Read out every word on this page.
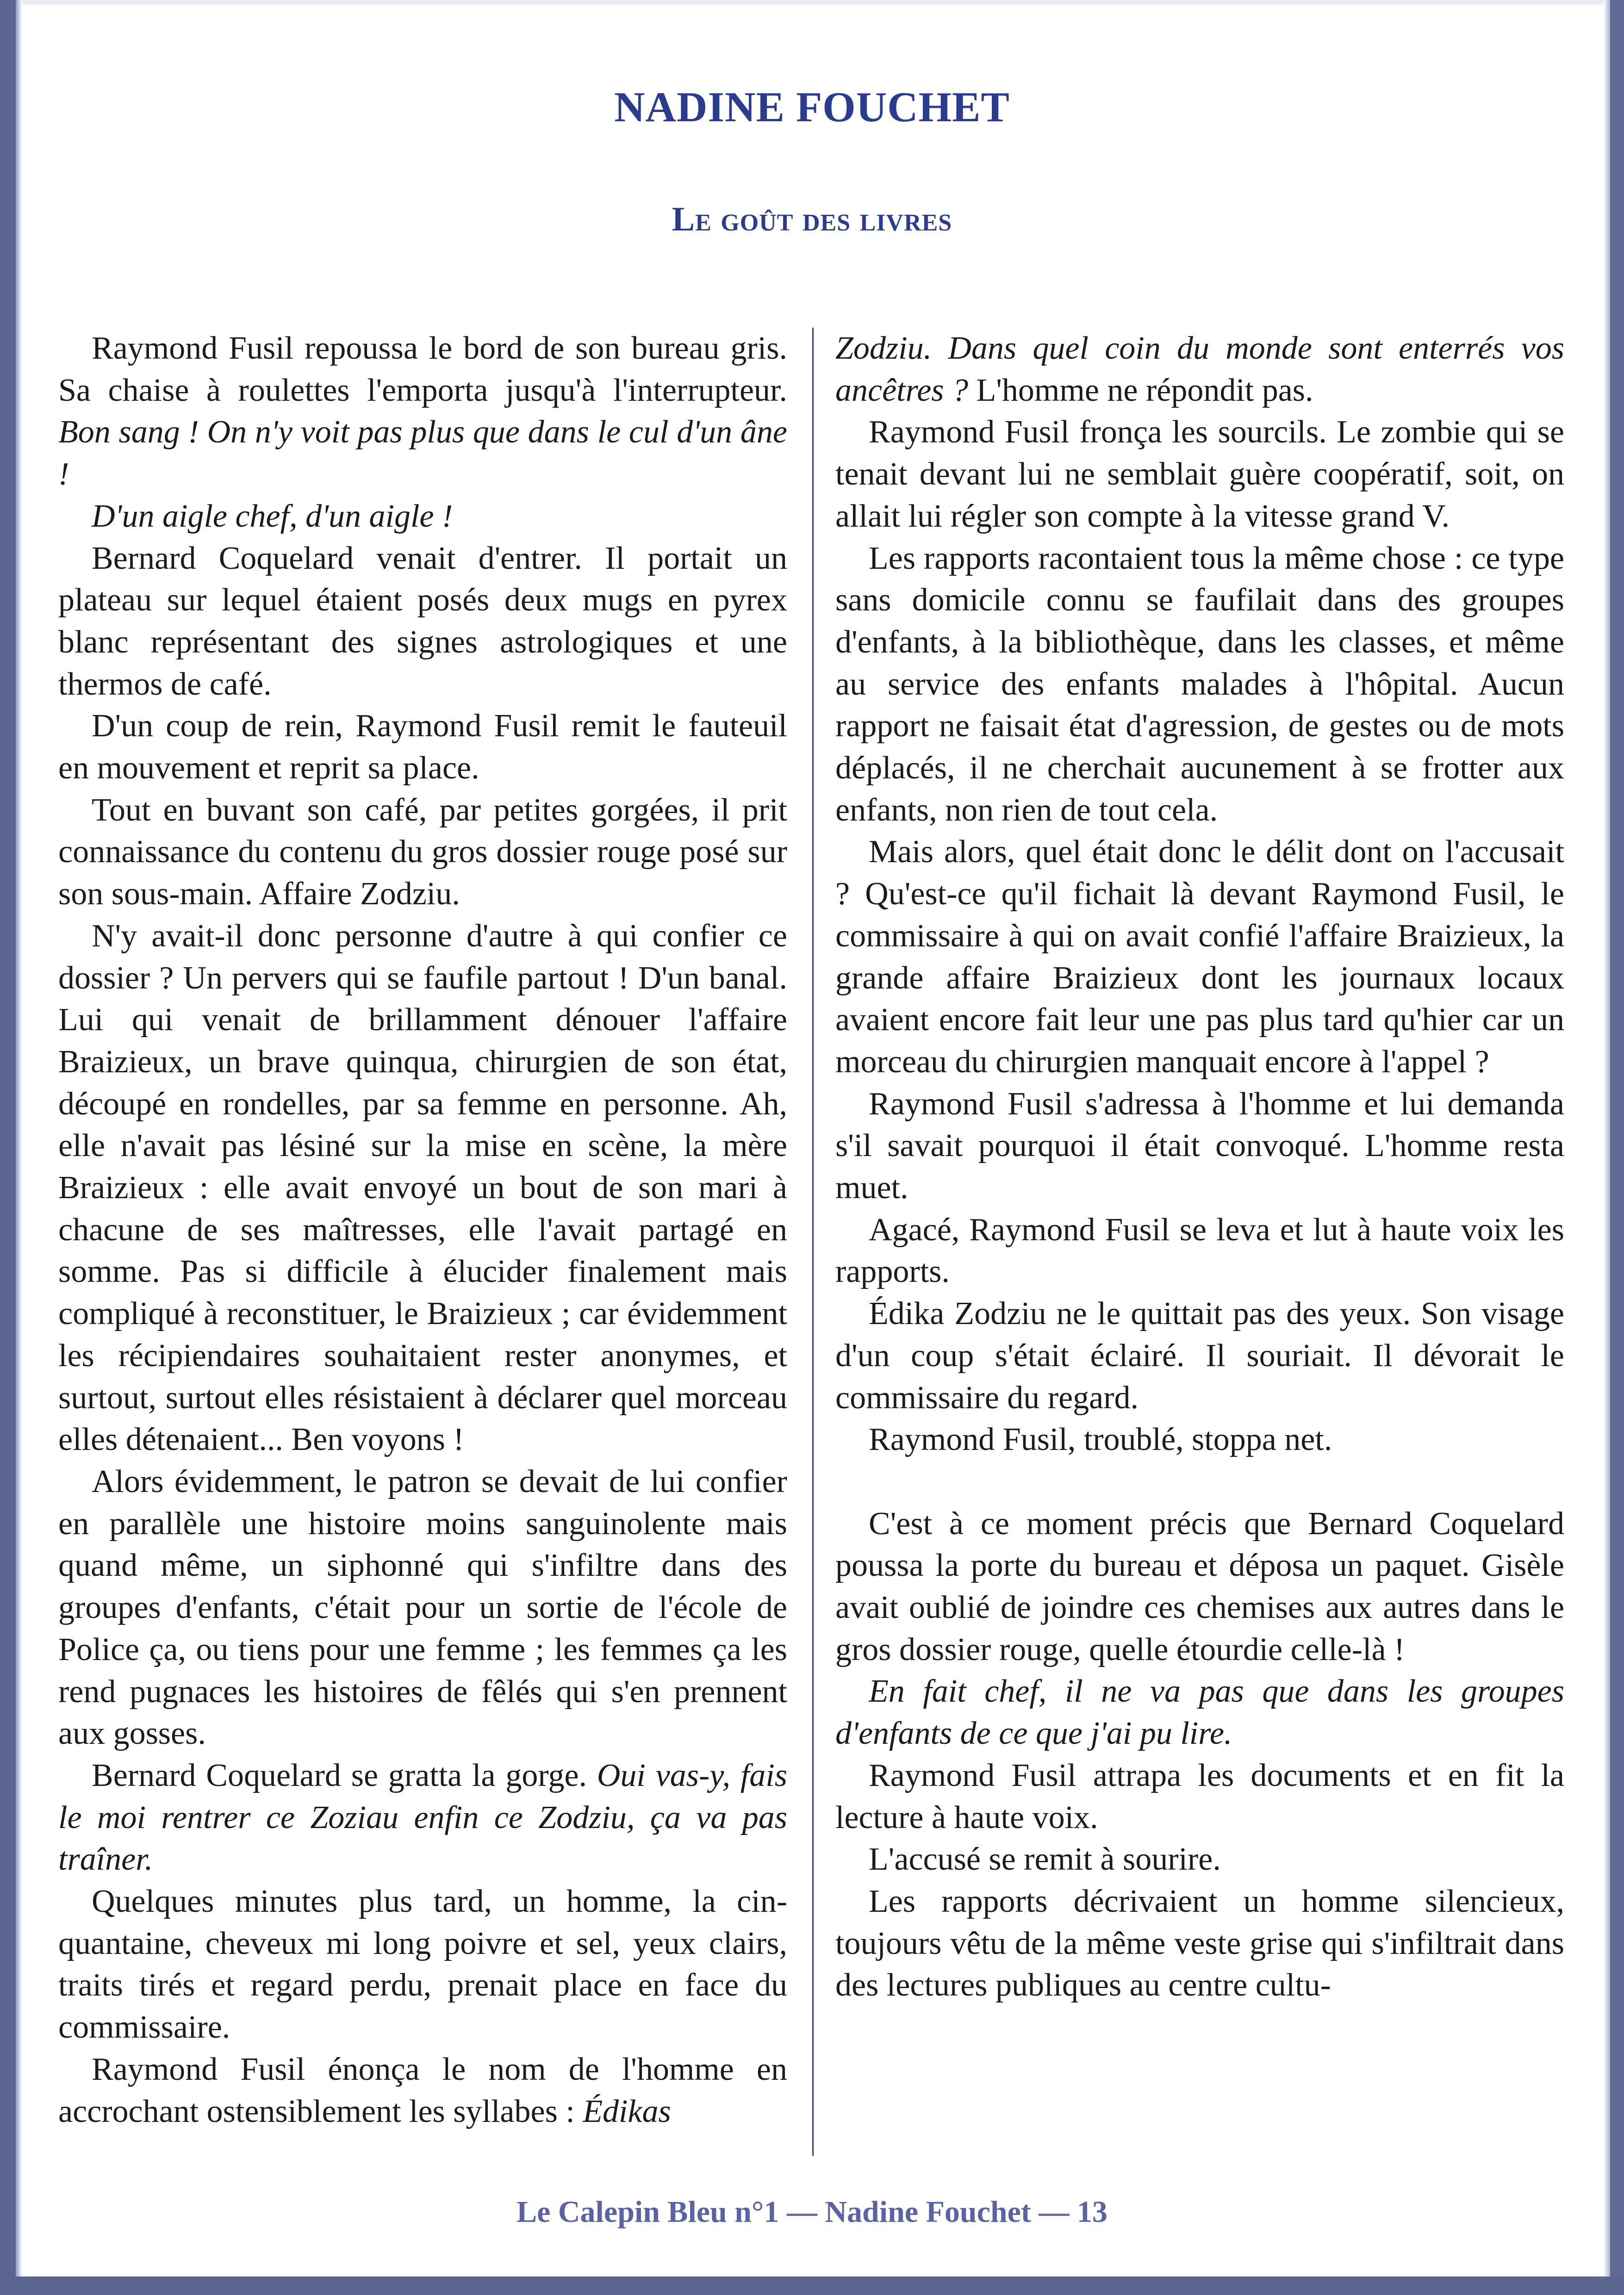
NADINE FOUCHET
Le goût des livres

Raymond Fusil repoussa le bord de son bureau gris. Sa chaise à roulettes l'emporta jusqu'à l'interrupteur. Bon sang ! On n'y voit pas plus que dans le cul d'un âne !

D'un aigle chef, d'un aigle !

Bernard Coquelard venait d'entrer. Il portait un plateau sur lequel étaient posés deux mugs en pyrex blanc représentant des signes astrologiques et une thermos de café.

D'un coup de rein, Raymond Fusil remit le fauteuil en mouvement et reprit sa place.

Tout en buvant son café, par petites gorgées, il prit connaissance du contenu du gros dossier rouge posé sur son sous-main. Affaire Zodziu.

N'y avait-il donc personne d'autre à qui confier ce dossier ? Un pervers qui se faufile partout ! D'un banal. Lui qui venait de brillamment dénouer l'affaire Braizieux, un brave quinqua, chirurgien de son état, découpé en rondelles, par sa femme en personne. Ah, elle n'avait pas lésiné sur la mise en scène, la mère Braizieux : elle avait envoyé un bout de son mari à chacune de ses maîtresses, elle l'avait partagé en somme. Pas si difficile à élucider finalement mais compliqué à reconstituer, le Braizieux ; car évidemment les récipiendaires souhaitaient rester anonymes, et surtout, surtout elles résistaient à déclarer quel morceau elles détenaient... Ben voyons !

Alors évidemment, le patron se devait de lui confier en parallèle une histoire moins sanguinolente mais quand même, un siphonné qui s'infiltre dans des groupes d'enfants, c'était pour un sortie de l'école de Police ça, ou tiens pour une femme ; les femmes ça les rend pugnaces les histoires de fêlés qui s'en prennent aux gosses.

Bernard Coquelard se gratta la gorge. Oui vas-y, fais le moi rentrer ce Zoziau enfin ce Zodziu, ça va pas traîner.

Quelques minutes plus tard, un homme, la cinquantaine, cheveux mi long poivre et sel, yeux clairs, traits tirés et regard perdu, prenait place en face du commissaire.

Raymond Fusil énonça le nom de l'homme en accrochant ostensiblement les syllabes : Édikas

Zodziu. Dans quel coin du monde sont enterrés vos ancêtres ? L'homme ne répondit pas.

Raymond Fusil fronça les sourcils. Le zombie qui se tenait devant lui ne semblait guère coopératif, soit, on allait lui régler son compte à la vitesse grand V.

Les rapports racontaient tous la même chose : ce type sans domicile connu se faufilait dans des groupes d'enfants, à la bibliothèque, dans les classes, et même au service des enfants malades à l'hôpital. Aucun rapport ne faisait état d'agression, de gestes ou de mots déplacés, il ne cherchait aucunement à se frotter aux enfants, non rien de tout cela.

Mais alors, quel était donc le délit dont on l'accusait ? Qu'est-ce qu'il fichait là devant Raymond Fusil, le commissaire à qui on avait confié l'affaire Braizieux, la grande affaire Braizieux dont les journaux locaux avaient encore fait leur une pas plus tard qu'hier car un morceau du chirurgien manquait encore à l'appel ?

Raymond Fusil s'adressa à l'homme et lui demanda s'il savait pourquoi il était convoqué. L'homme resta muet.

Agacé, Raymond Fusil se leva et lut à haute voix les rapports.

Édika Zodziu ne le quittait pas des yeux. Son visage d'un coup s'était éclairé. Il souriait. Il dévorait le commissaire du regard.

Raymond Fusil, troublé, stoppa net.

C'est à ce moment précis que Bernard Coquelard poussa la porte du bureau et déposa un paquet. Gisèle avait oublié de joindre ces chemises aux autres dans le gros dossier rouge, quelle étourdie celle-là !

En fait chef, il ne va pas que dans les groupes d'enfants de ce que j'ai pu lire.

Raymond Fusil attrapa les documents et en fit la lecture à haute voix.

L'accusé se remit à sourire.

Les rapports décrivaient un homme silencieux, toujours vêtu de la même veste grise qui s'infiltrait dans des lectures publiques au centre cultu-

Le Calepin Bleu n°1 — Nadine Fouchet — 13
